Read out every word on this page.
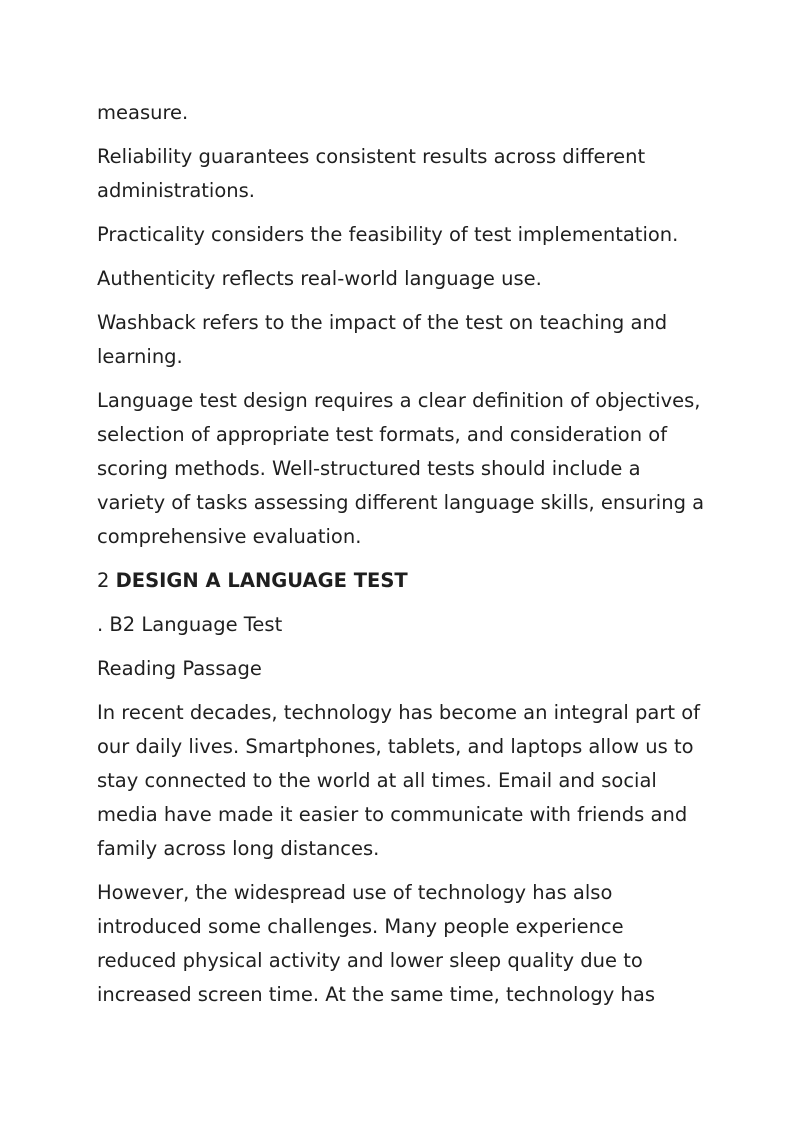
measure.

Reliability guarantees consistent results across different administrations.

Practicality considers the feasibility of test implementation.

Authenticity reflects real-world language use.

Washback refers to the impact of the test on teaching and learning.

Language test design requires a clear definition of objectives, selection of appropriate test formats, and consideration of scoring methods. Well-structured tests should include a variety of tasks assessing different language skills, ensuring a comprehensive evaluation.

2 DESIGN A LANGUAGE TEST

. B2 Language Test

Reading Passage

In recent decades, technology has become an integral part of our daily lives. Smartphones, tablets, and laptops allow us to stay connected to the world at all times. Email and social media have made it easier to communicate with friends and family across long distances.

However, the widespread use of technology has also introduced some challenges. Many people experience reduced physical activity and lower sleep quality due to increased screen time. At the same time, technology has
